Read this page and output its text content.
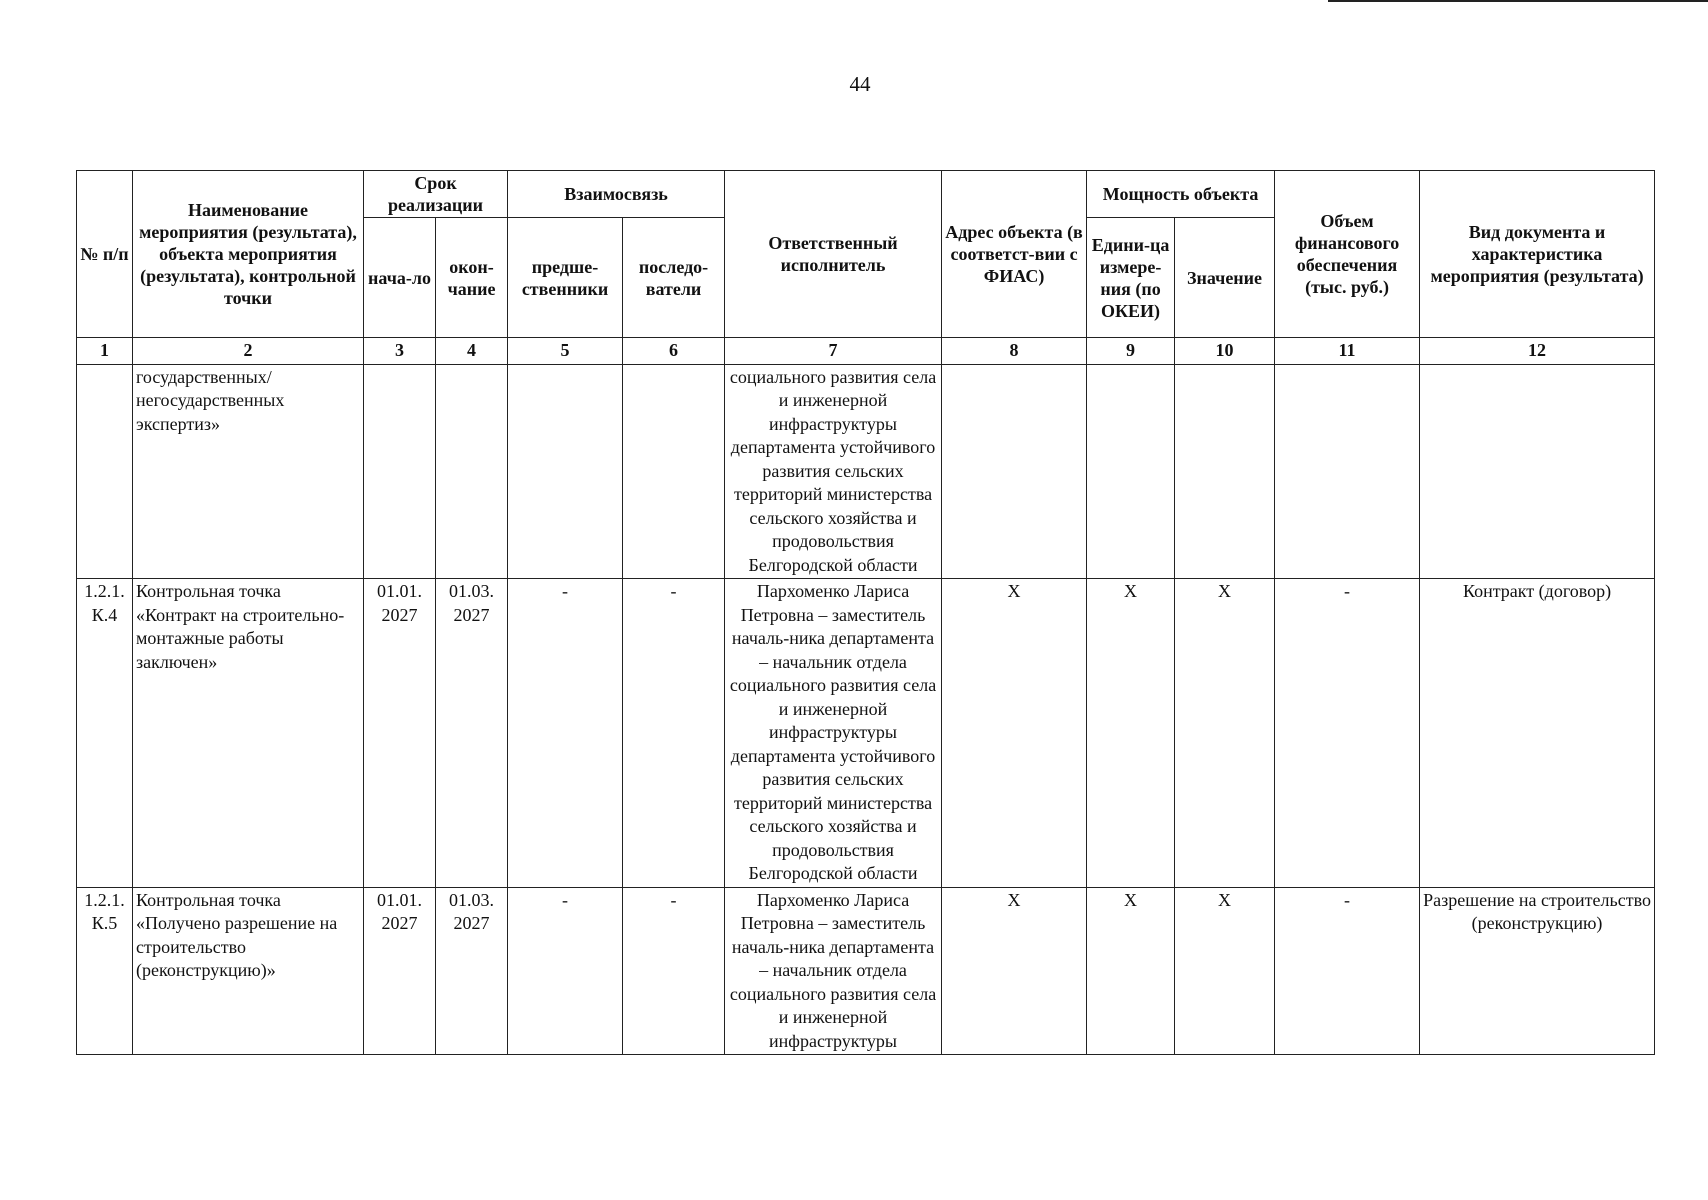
44
№ п/п	Наименование мероприятия (результата), объекта мероприятия (результата), контрольной точки	Срок реализации		Взаимосвязь		Ответственный исполнитель	Адрес объекта (в соответст-вии с ФИАС)	Мощность объекта		Объем финансового обеспечения (тыс. руб.)	Вид документа и характеристика мероприятия (результата)
		нача-ло	окон-чание	предше-ственники	последо-ватели			Едини-ца измере-ния (по ОКЕИ)	Значение		
1	2	3	4	5	6	7	8	9	10	11	12
	государственных/ негосударственных экспертиз»					социального развития села и инженерной инфраструктуры департамента устойчивого развития сельских территорий министерства сельского хозяйства и продовольствия Белгородской области					
1.2.1. К.4	Контрольная точка «Контракт на строительно-монтажные работы заключен»	01.01. 2027	01.03. 2027	-	-	Пархоменко Лариса Петровна – заместитель началь-ника департамента – начальник отдела социального развития села и инженерной инфраструктуры департамента устойчивого развития сельских территорий министерства сельского хозяйства и продовольствия Белгородской области	X	X	X	-	Контракт (договор)
1.2.1. К.5	Контрольная точка «Получено разрешение на строительство (реконструкцию)»	01.01. 2027	01.03. 2027	-	-	Пархоменко Лариса Петровна – заместитель началь-ника департамента – начальник отдела социального развития села и инженерной инфраструктуры	X	X	X	-	Разрешение на строительство (реконструкцию)
